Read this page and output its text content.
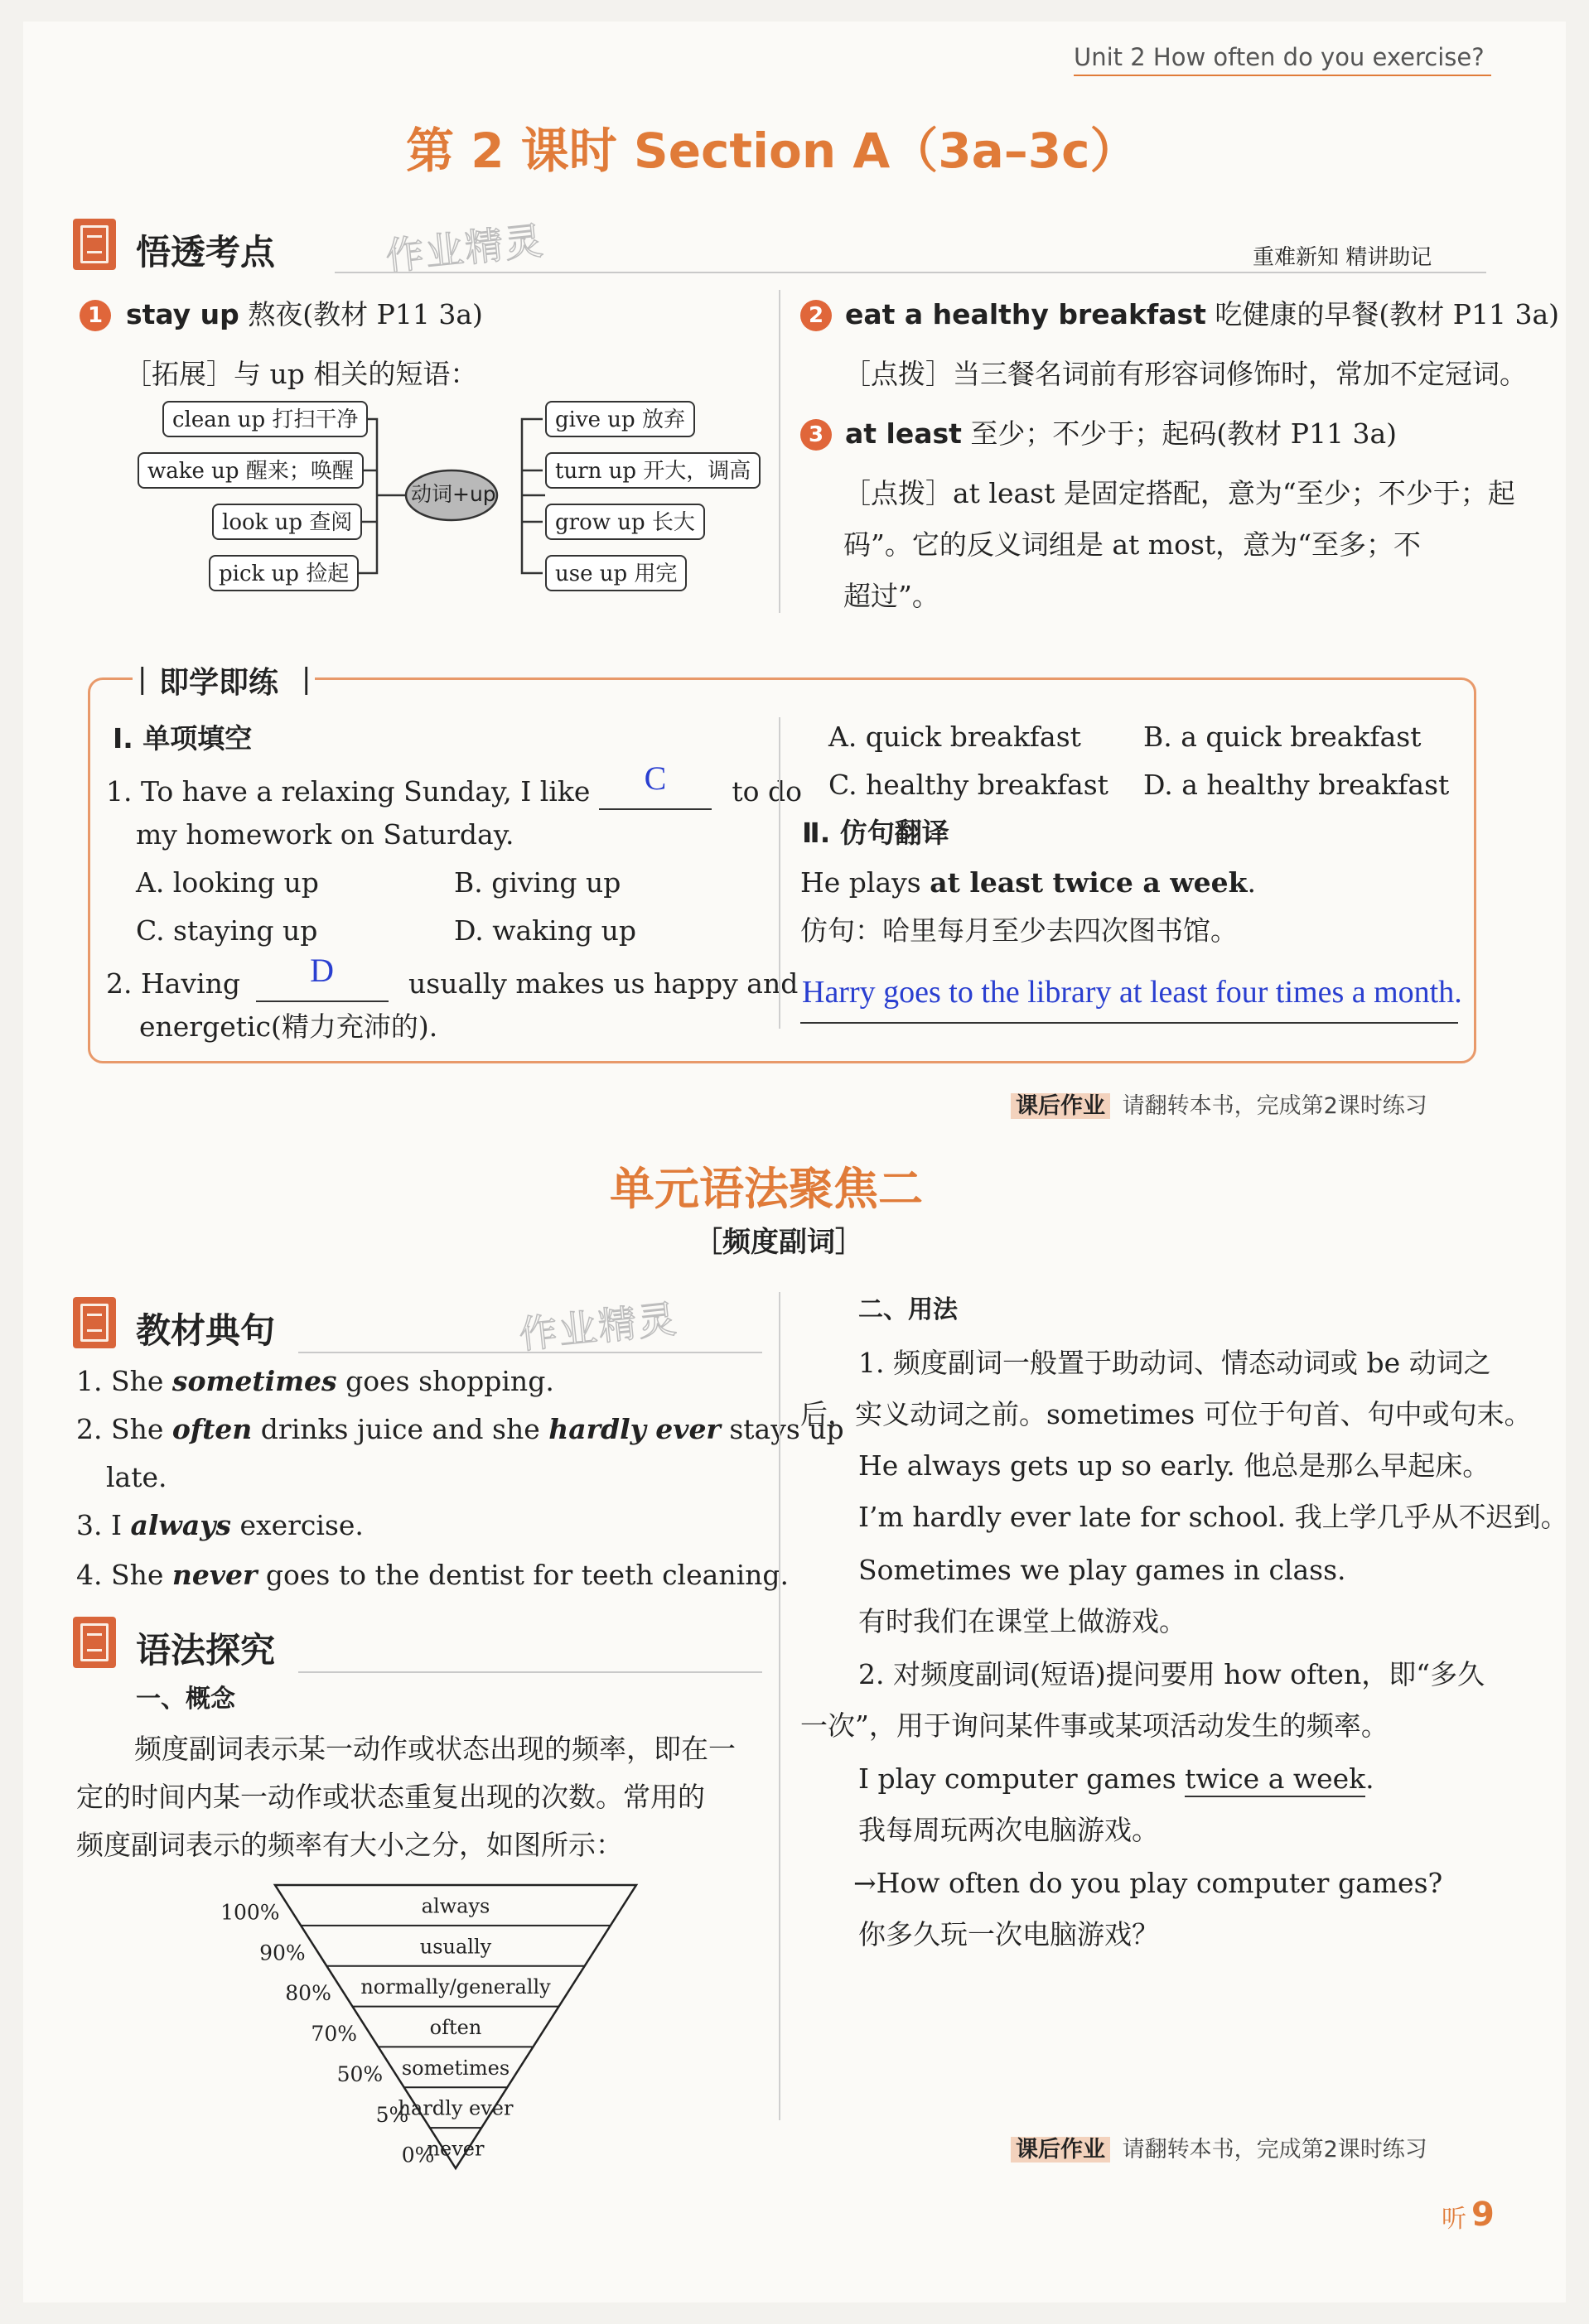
Unit 2 How often do you exercise?
第 2 课时 Section A（3a–3c）
悟透考点	作业精灵	重难新知 精讲助记
1 stay up 熬夜(教材 P11 3a)
［拓展］与 up 相关的短语：
动词+up
clean up 打扫干净
wake up 醒来；唤醒
look up 查阅
pick up 捡起
give up 放弃
turn up 开大，调高
grow up 长大
use up 用完
2 eat a healthy breakfast 吃健康的早餐(教材 P11 3a)
［点拨］当三餐名词前有形容词修饰时，常加不定冠词。
3 at least 至少；不少于；起码(教材 P11 3a)
［点拨］at least 是固定搭配，意为“至少；不少于；起
码”。它的反义词组是 at most，意为“至多；不
超过”。
| 即学即练 |
Ⅰ. 单项填空
1. To have a relaxing Sunday, I like C to do
my homework on Saturday.
A. looking up	B. giving up
C. staying up	D. waking up
2. Having D	usually makes us happy and
energetic(精力充沛的).
A. quick breakfast B. a quick breakfast
C. healthy breakfast D. a healthy breakfast
Ⅱ. 仿句翻译
He plays at least twice a week.
仿句：哈里每月至少去四次图书馆。
Harry goes to the library at least four times a month.
课后作业 请翻转本书，完成第2课时练习
单元语法聚焦二
［频度副词］
教材典句	作业精灵
1. She sometimes goes shopping.
2. She often drinks juice and she hardly ever stays up
late.
3. I always exercise.
4. She never goes to the dentist for teeth cleaning.
语法探究
一、概念
频度副词表示某一动作或状态出现的频率，即在一
定的时间内某一动作或状态重复出现的次数。常用的
频度副词表示的频率有大小之分，如图所示：
always
100%
usually
90%
normally/generally
80%
often
70%
sometimes
50%
hardly ever
5%
never
0%
二、用法
1. 频度副词一般置于助动词、情态动词或 be 动词之
后，实义动词之前。sometimes 可位于句首、句中或句末。
He always gets up so early. 他总是那么早起床。
I’m hardly ever late for school. 我上学几乎从不迟到。
Sometimes we play games in class.
有时我们在课堂上做游戏。
2. 对频度副词(短语)提问要用 how often，即“多久
一次”，用于询问某件事或某项活动发生的频率。
I play computer games twice a week.
我每周玩两次电脑游戏。
→How often do you play computer games?
你多久玩一次电脑游戏？
课后作业 请翻转本书，完成第2课时练习
听 9
